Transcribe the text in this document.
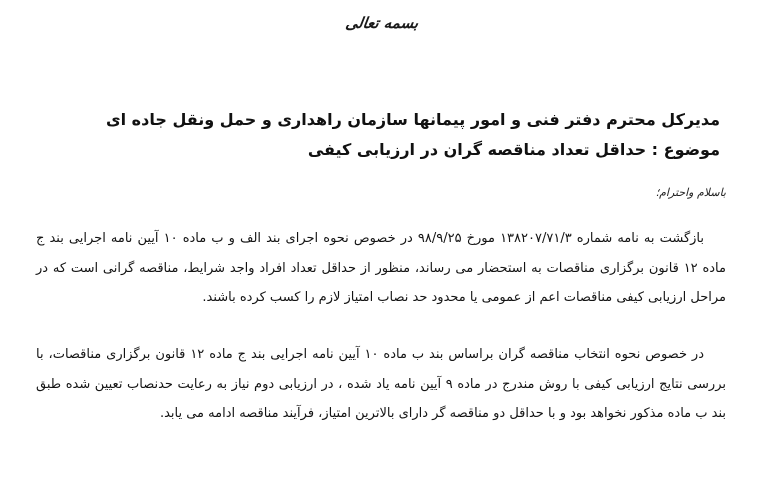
بسمه تعالی
مدیرکل محترم دفتر فنی و امور پیمانها سازمان راهداری و حمل ونقل جاده ای
موضوع : حداقل تعداد مناقصه گران در ارزیابی کیفی
باسلام واحترام؛
بازگشت به نامه شماره ۱۳۸۲۰۷/۷۱/۳ مورخ ۹۸/۹/۲۵ در خصوص نحوه اجرای بند الف و ب ماده ۱۰ آیین نامه اجرایی بند ج ماده ۱۲ قانون برگزاری مناقصات به استحضار می رساند، منظور از حداقل تعداد افراد واجد شرایط، مناقصه گرانی است که در مراحل ارزیابی کیفی مناقصات اعم از عمومی یا محدود حد نصاب امتیاز لازم را کسب کرده باشند.
در خصوص نحوه انتخاب مناقصه گران براساس بند ب ماده ۱۰ آیین نامه اجرایی بند ج ماده ۱۲ قانون برگزاری مناقصات، با بررسی نتایج ارزیابی کیفی با روش مندرج در ماده ۹ آیین نامه یاد شده ، در ارزیابی دوم نیاز به رعایت حدنصاب تعیین شده طبق بند ب ماده مذکور نخواهد بود و با حداقل دو مناقصه گر دارای بالاترین امتیاز، فرآیند مناقصه ادامه می یابد.
